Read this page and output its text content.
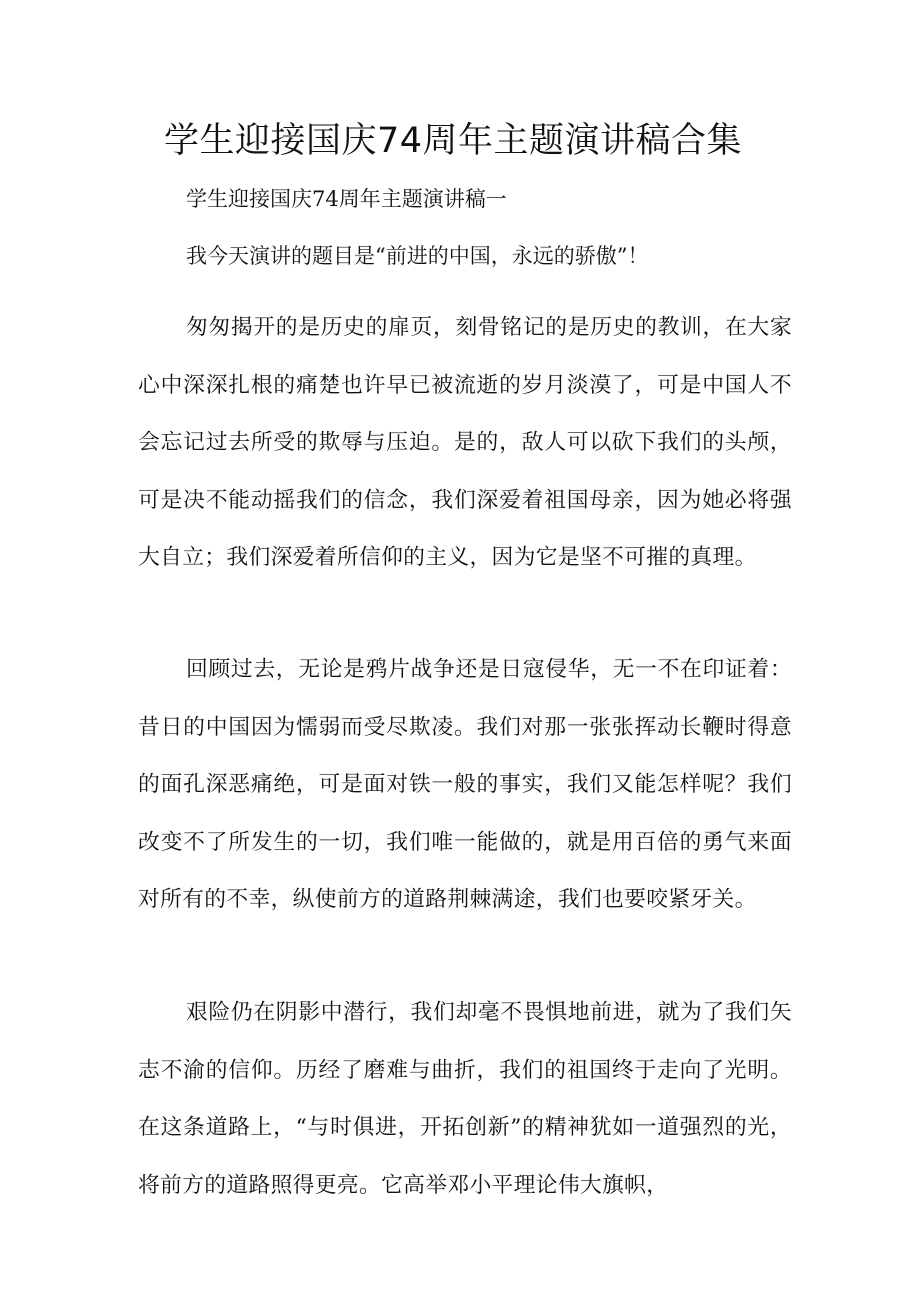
学生迎接国庆74周年主题演讲稿合集
学生迎接国庆74周年主题演讲稿一
我今天演讲的题目是“前进的中国，永远的骄傲”！
匆匆揭开的是历史的扉页，刻骨铭记的是历史的教训，在大家心中深深扎根的痛楚也许早已被流逝的岁月淡漠了，可是中国人不会忘记过去所受的欺辱与压迫。是的，敌人可以砍下我们的头颅，可是决不能动摇我们的信念，我们深爱着祖国母亲，因为她必将强大自立；我们深爱着所信仰的主义，因为它是坚不可摧的真理。
回顾过去，无论是鸦片战争还是日寇侵华，无一不在印证着：昔日的中国因为懦弱而受尽欺凌。我们对那一张张挥动长鞭时得意的面孔深恶痛绝，可是面对铁一般的事实，我们又能怎样呢？我们改变不了所发生的一切，我们唯一能做的，就是用百倍的勇气来面对所有的不幸，纵使前方的道路荆棘满途，我们也要咬紧牙关。
艰险仍在阴影中潜行，我们却毫不畏惧地前进，就为了我们矢志不渝的信仰。历经了磨难与曲折，我们的祖国终于走向了光明。在这条道路上，“与时俱进，开拓创新”的精神犹如一道强烈的光，将前方的道路照得更亮。它高举邓小平理论伟大旗帜，
